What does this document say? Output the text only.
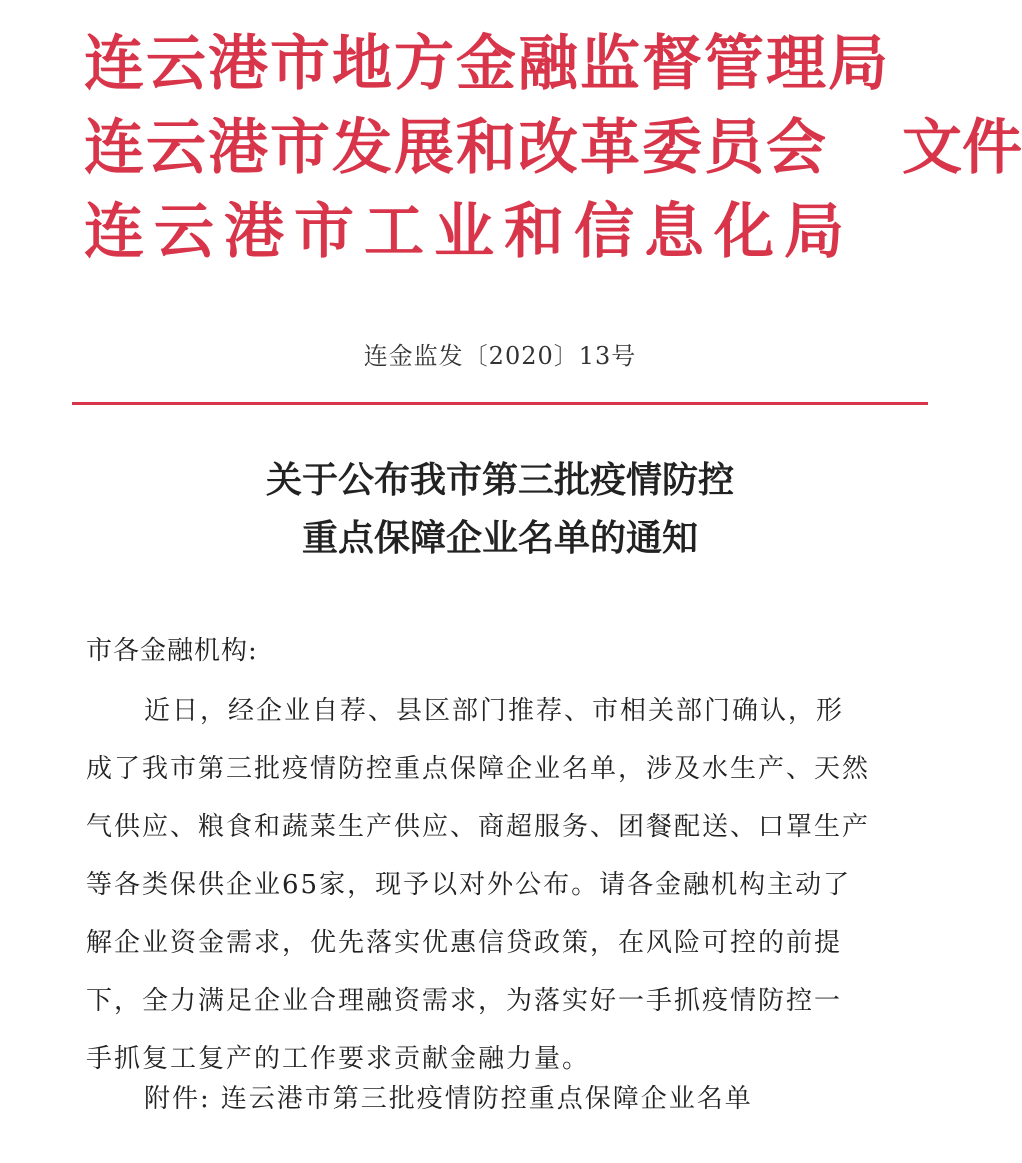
连云港市地方金融监督管理局
连云港市发展和改革委员会
连云港市工业和信息化局
文件
连金监发〔2020〕13号
关于公布我市第三批疫情防控
重点保障企业名单的通知
市各金融机构:
近日，经企业自荐、县区部门推荐、市相关部门确认，形
成了我市第三批疫情防控重点保障企业名单，涉及水生产、天然
气供应、粮食和蔬菜生产供应、商超服务、团餐配送、口罩生产
等各类保供企业65家，现予以对外公布。请各金融机构主动了
解企业资金需求，优先落实优惠信贷政策，在风险可控的前提
下，全力满足企业合理融资需求，为落实好一手抓疫情防控一
手抓复工复产的工作要求贡献金融力量。
附件: 连云港市第三批疫情防控重点保障企业名单
